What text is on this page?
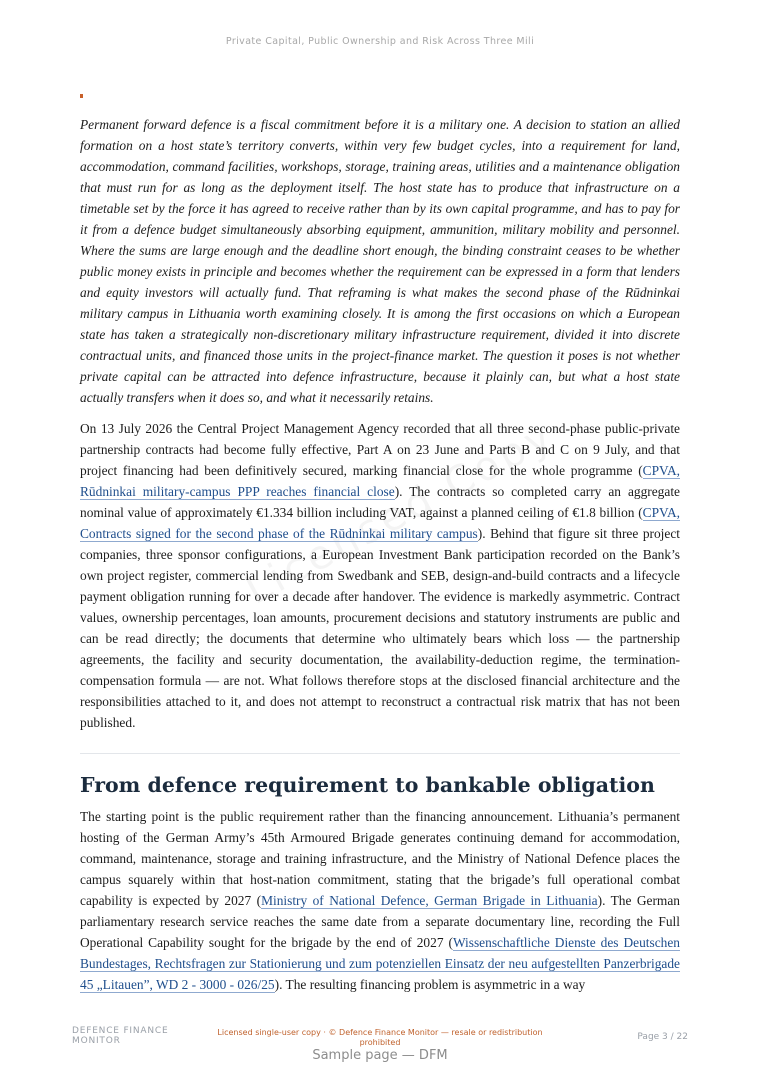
Private Capital, Public Ownership and Risk Across Three Mili

Permanent forward defence is a fiscal commitment before it is a military one. A decision to station an allied formation on a host state’s territory converts, within very few budget cycles, into a requirement for land, accommodation, command facilities, workshops, storage, training areas, utilities and a maintenance obligation that must run for as long as the deployment itself. The host state has to produce that infrastructure on a timetable set by the force it has agreed to receive rather than by its own capital programme, and has to pay for it from a defence budget simultaneously absorbing equipment, ammunition, military mobility and personnel. Where the sums are large enough and the deadline short enough, the binding constraint ceases to be whether public money exists in principle and becomes whether the requirement can be expressed in a form that lenders and equity investors will actually fund. That reframing is what makes the second phase of the Rūdninkai military campus in Lithuania worth examining closely. It is among the first occasions on which a European state has taken a strategically non-discretionary military infrastructure requirement, divided it into discrete contractual units, and financed those units in the project-finance market. The question it poses is not whether private capital can be attracted into defence infrastructure, because it plainly can, but what a host state actually transfers when it does so, and what it necessarily retains.

On 13 July 2026 the Central Project Management Agency recorded that all three second-phase public-private partnership contracts had become fully effective, Part A on 23 June and Parts B and C on 9 July, and that project financing had been definitively secured, marking financial close for the whole programme (CPVA, Rūdninkai military-campus PPP reaches financial close). The contracts so completed carry an aggregate nominal value of approximately €1.334 billion including VAT, against a planned ceiling of €1.8 billion (CPVA, Contracts signed for the second phase of the Rūdninkai military campus). Behind that figure sit three project companies, three sponsor configurations, a European Investment Bank participation recorded on the Bank’s own project register, commercial lending from Swedbank and SEB, design-and-build contracts and a lifecycle payment obligation running for over a decade after handover. The evidence is markedly asymmetric. Contract values, ownership percentages, loan amounts, procurement decisions and statutory instruments are public and can be read directly; the documents that determine who ultimately bears which loss — the partnership agreements, the facility and security documentation, the availability-deduction regime, the termination-compensation formula — are not. What follows therefore stops at the disclosed financial architecture and the responsibilities attached to it, and does not attempt to reconstruct a contractual risk matrix that has not been published.

From defence requirement to bankable obligation

The starting point is the public requirement rather than the financing announcement. Lithuania’s permanent hosting of the German Army’s 45th Armoured Brigade generates continuing demand for accommodation, command, maintenance, storage and training infrastructure, and the Ministry of National Defence places the campus squarely within that host-nation commitment, stating that the brigade’s full operational combat capability is expected by 2027 (Ministry of National Defence, German Brigade in Lithuania). The German parliamentary research service reaches the same date from a separate documentary line, recording the Full Operational Capability sought for the brigade by the end of 2027 (Wissenschaftliche Dienste des Deutschen Bundestages, Rechtsfragen zur Stationierung und zum potenziellen Einsatz der neu aufgestellten Panzerbrigade 45 „Litauen”, WD 2 - 3000 - 026/25). The resulting financing problem is asymmetric in a way

DEFENCE FINANCE
MONITOR
Licensed single-user copy · © Defence Finance Monitor — resale or redistribution prohibited
Page 3 / 22
Sample page — DFM
